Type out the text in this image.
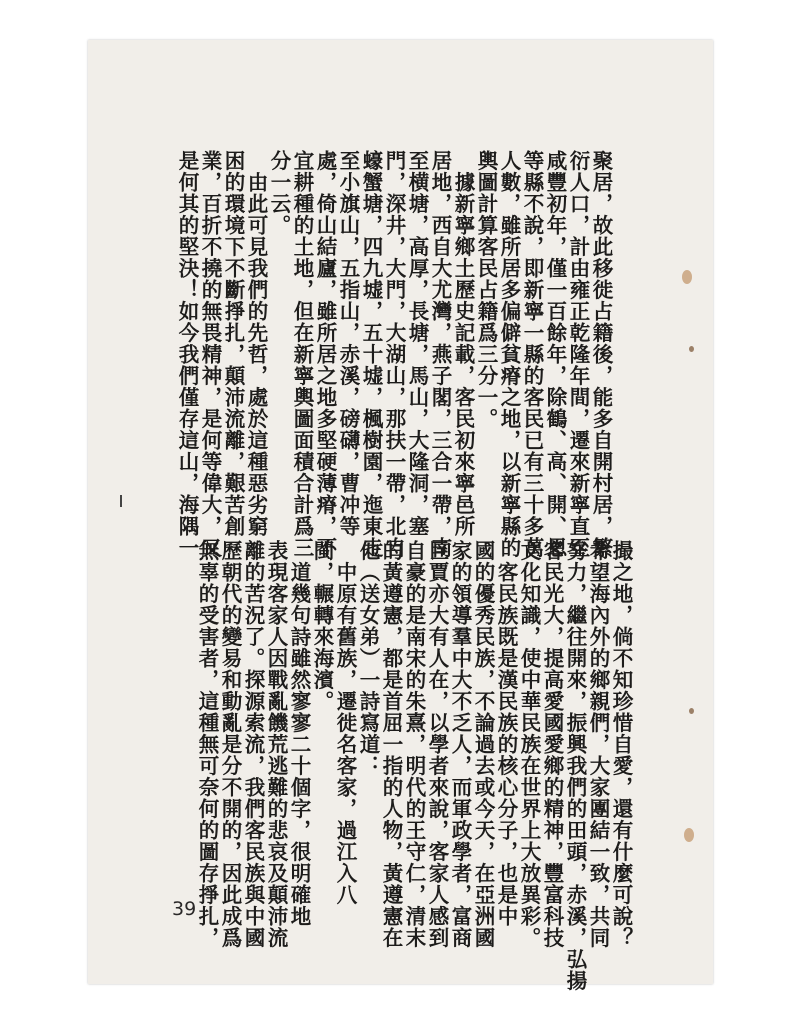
聚居，故此移徙占籍後，能多自開村居，繁
衍人口，計由雍正乾隆年間，遷來新寧直至
咸豐初年，僅一百餘年，除鶴、高、開、恩
等縣不說，即新寧一縣的客民已有三十多萬
人數，雖所居多偏僻貧瘠之地，以新寧縣的
輿圖計算客民占籍爲三分一。
　據新寧鄉土歷史記載，客民初來寧邑所
居地，西自大尤灣，燕子閣，三合一帶，南
至横塘，高厚，長塘，馬山，大隆洞，塞
門，深井，大門，大湖山，那扶一帶，北自
蠔蟹塘，四九墟，五十墟，楓樹園，迤東走
至小旗山，五指山，赤溪，磅礴，曹冲等
處，倚山結廬，雖所居之地多堅硬薄瘠，不
宜耕種的土地，但在新寧輿圖面積合計爲三
分一云。
　由此可見我們的先哲，處於這種惡劣窮
困的環境下不斷掙扎，顛沛流離，艱苦創
業，百折不撓的無畏精神，是何等偉大，又
是何其的堅決！如今我們僅存這山，海隅一
撮之地，倘不知珍惜自愛，還有什麼可說？
希望海內外的鄉親們，大家團結一致，共同
努力，繼往開來，振興我們的田頭，赤溪，弘揚
客民光大，提高愛國愛鄉的精神，豐富科技
文化知識，使中華民族在世界上大放異彩。
　客民族既是漢民族的核心分子，也是中
國的優秀民族，不論過去或今天，在亞洲國
家的領導羣中大不乏人，而軍政學者，富商
巨賈亦大有人在，以學者來說，客家人感到
自豪的是南宋的朱熹，明代的王守仁，清末
的黃遵憲，都是首屈一指的人物，黃遵憲在
他（送女弟）一詩寫道：
　中原有舊族，遷徙名客家，過江入八
閩，輾轉來海濱。
　道幾句詩雖然寥寥二十個字，很明確地
表現客家人因戰亂饑荒逃難的悲哀及顛沛流
離的苦況了。探源索流，我們客民族與中國
歷朝代的變易和動亂是分不開的，因此成爲
無辜的受害者，這種無可奈何的圖存掙扎，
39
